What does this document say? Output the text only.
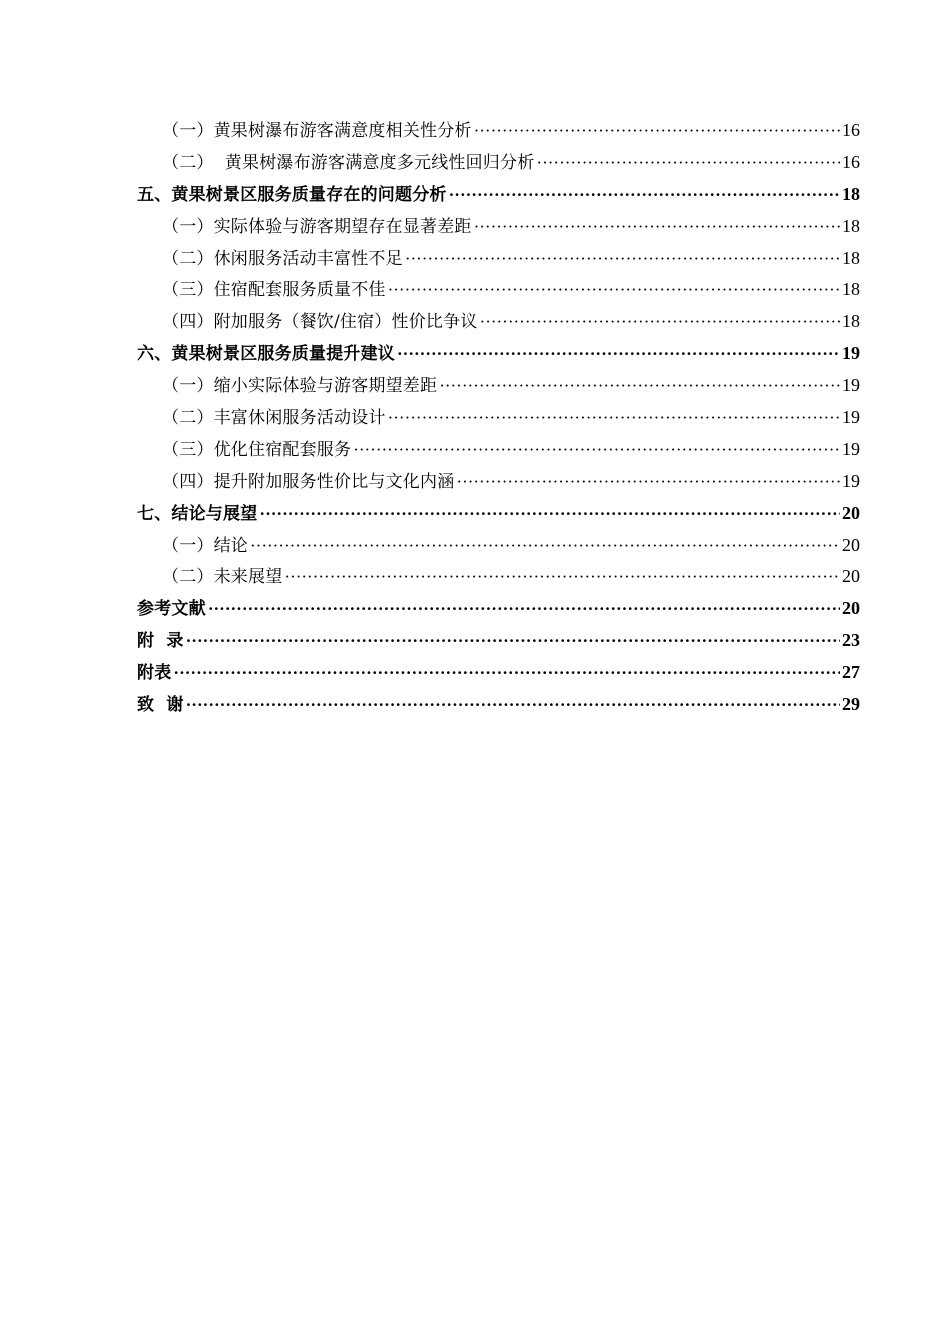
（一）黄果树瀑布游客满意度相关性分析 ·····	16
（二）  黄果树瀑布游客满意度多元线性回归分析 ·····	16
五、黄果树景区服务质量存在的问题分析 ·····	18
（一）实际体验与游客期望存在显著差距 ·····	18
（二）休闲服务活动丰富性不足 ·····	18
（三）住宿配套服务质量不佳 ·····	18
（四）附加服务（餐饮/住宿）性价比争议 ·····	18
六、黄果树景区服务质量提升建议 ·····	19
（一）缩小实际体验与游客期望差距 ·····	19
（二）丰富休闲服务活动设计 ·····	19
（三）优化住宿配套服务 ·····	19
（四）提升附加服务性价比与文化内涵 ·····	19
七、结论与展望 ·····	20
（一）结论 ·····	20
（二）未来展望 ·····	20
参考文献 ·····	20
附  录 ·····	23
附表 ·····	27
致  谢 ·····	29
